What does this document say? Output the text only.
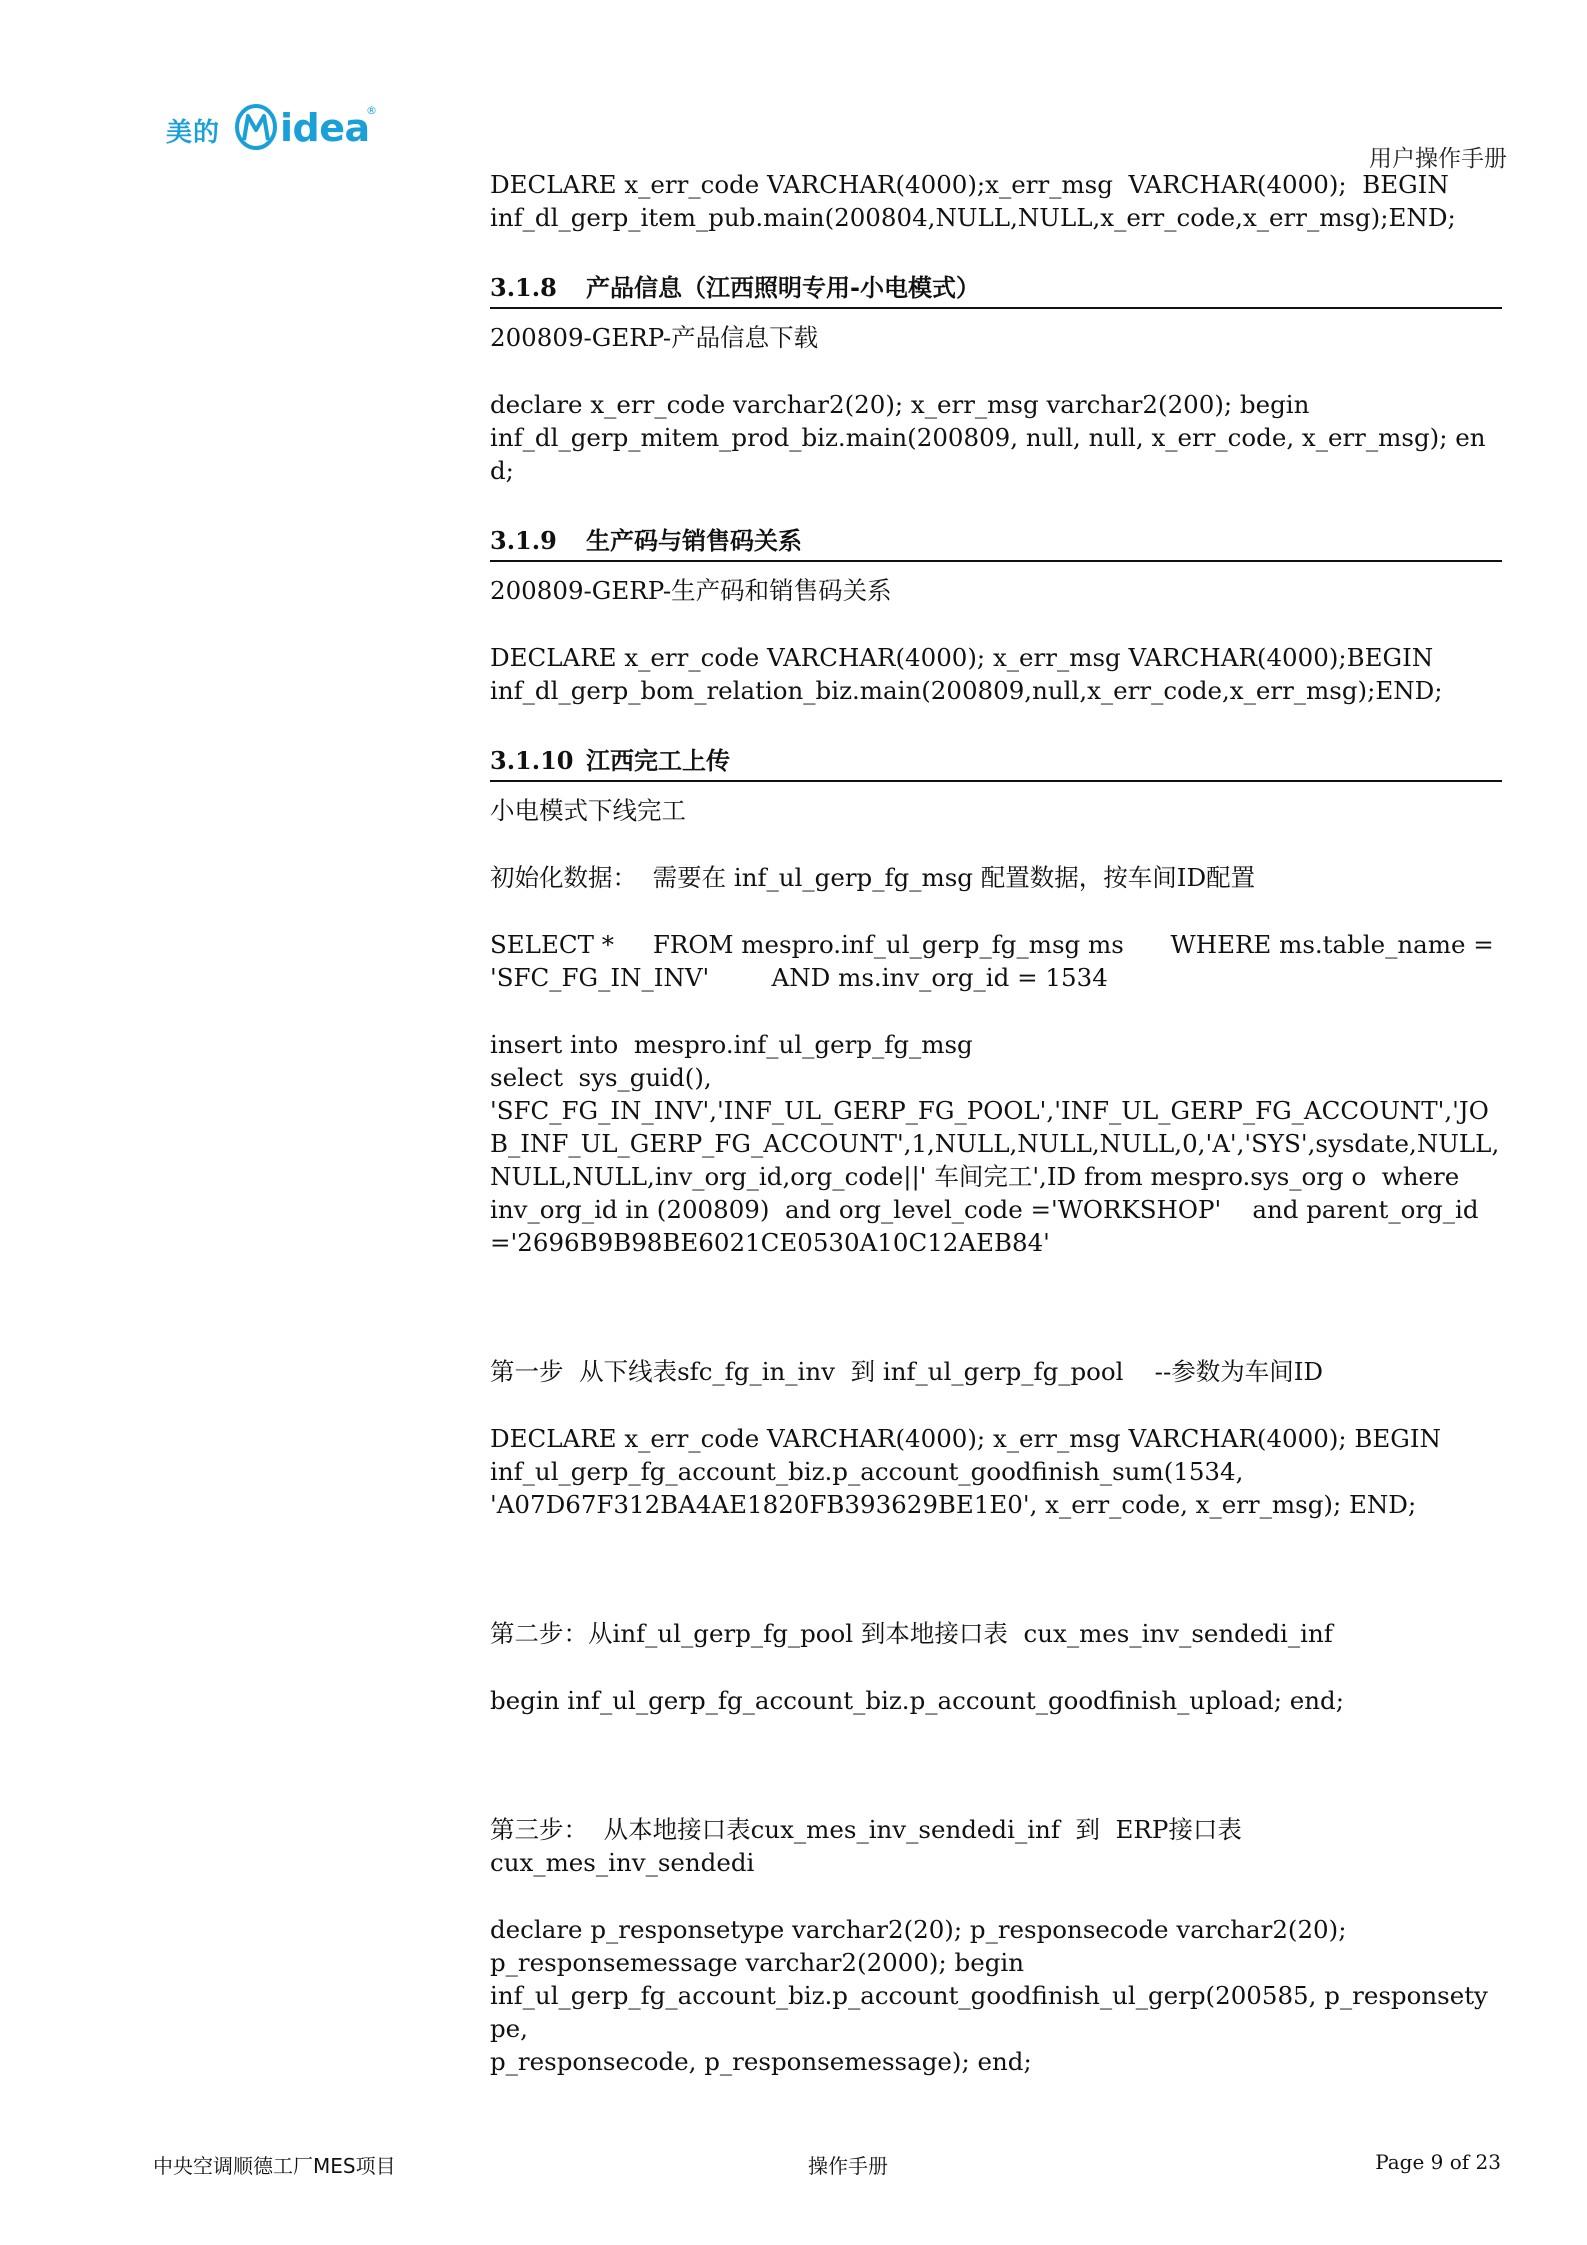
美的 idea
®
用户操作手册

DECLARE x_err_code VARCHAR(4000);x_err_msg  VARCHAR(4000);  BEGIN

inf_dl_gerp_item_pub.main(200804,NULL,NULL,x_err_code,x_err_msg);END;

3.1.8	产品信息（江西照明专用-小电模式）

200809-GERP-产品信息下载

declare x_err_code varchar2(20); x_err_msg varchar2(200); begin

inf_dl_gerp_mitem_prod_biz.main(200809, null, null, x_err_code, x_err_msg); end;

3.1.9	生产码与销售码关系

200809-GERP-生产码和销售码关系

DECLARE x_err_code VARCHAR(4000); x_err_msg VARCHAR(4000);BEGIN

inf_dl_gerp_bom_relation_biz.main(200809,null,x_err_code,x_err_msg);END;

3.1.10 江西完工上传

小电模式下线完工

初始化数据：  需要在 inf_ul_gerp_fg_msg 配置数据，按车间ID配置

SELECT *     FROM mespro.inf_ul_gerp_fg_msg ms      WHERE ms.table_name =

'SFC_FG_IN_INV'        AND ms.inv_org_id = 1534

insert into  mespro.inf_ul_gerp_fg_msg

select  sys_guid(),

'SFC_FG_IN_INV','INF_UL_GERP_FG_POOL','INF_UL_GERP_FG_ACCOUNT','JO

B_INF_UL_GERP_FG_ACCOUNT',1,NULL,NULL,NULL,0,'A','SYS',sysdate,NULL,

NULL,NULL,inv_org_id,org_code||' 车间完工',ID from mespro.sys_org o  where

inv_org_id in (200809)  and org_level_code ='WORKSHOP'    and parent_org_id

='2696B9B98BE6021CE0530A10C12AEB84'

第一步  从下线表sfc_fg_in_inv  到 inf_ul_gerp_fg_pool    --参数为车间ID

DECLARE x_err_code VARCHAR(4000); x_err_msg VARCHAR(4000); BEGIN

inf_ul_gerp_fg_account_biz.p_account_goodfinish_sum(1534,

'A07D67F312BA4AE1820FB393629BE1E0', x_err_code, x_err_msg); END;

第二步：从inf_ul_gerp_fg_pool 到本地接口表  cux_mes_inv_sendedi_inf

begin inf_ul_gerp_fg_account_biz.p_account_goodfinish_upload; end;

第三步：  从本地接口表cux_mes_inv_sendedi_inf  到  ERP接口表

cux_mes_inv_sendedi

declare p_responsetype varchar2(20); p_responsecode varchar2(20);

p_responsemessage varchar2(2000); begin

inf_ul_gerp_fg_account_biz.p_account_goodfinish_ul_gerp(200585, p_responsetype,

p_responsecode, p_responsemessage); end;

中央空调顺德工厂MES项目	操作手册	Page 9 of 23
